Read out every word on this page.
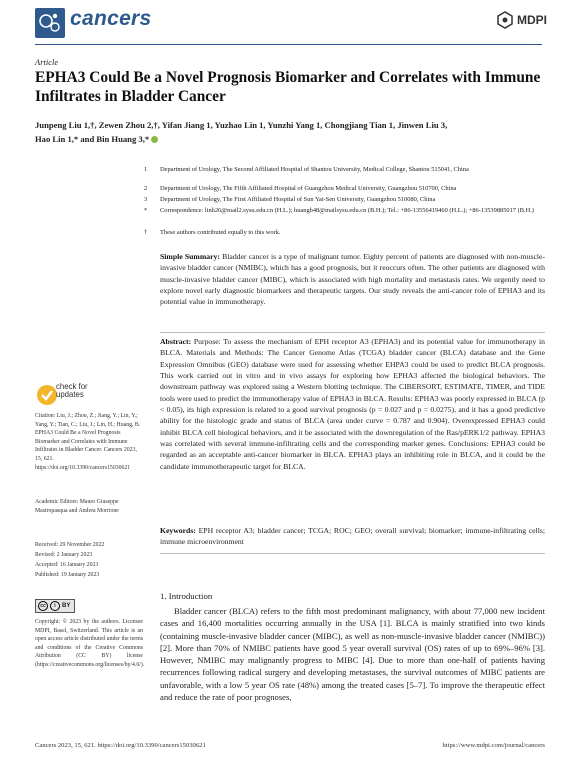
cancers	MDPI
Article
EPHA3 Could Be a Novel Prognosis Biomarker and Correlates with Immune Infiltrates in Bladder Cancer
Junpeng Liu 1,†, Zewen Zhou 2,†, Yifan Jiang 1, Yuzhao Lin 1, Yunzhi Yang 1, Chongjiang Tian 1, Jinwen Liu 3,
Hao Lin 1,* and Bin Huang 3,*
1 Department of Urology, The Second Affiliated Hospital of Shantou University, Medical College, Shantou 515041, China
2 Department of Urology, The Fifth Affiliated Hospital of Guangzhou Medical University, Guangzhou 510700, China
3 Department of Urology, The First Affiliated Hospital of Sun Yat-Sen University, Guangzhou 510080, China
* Correspondence: linh26@mail2.sysu.edu.cn (H.L.); huangb48@mailsysu.edu.cn (B.H.); Tel.: +86-13556419460 (H.L.); +86-13539885017 (B.H.)
† These authors contributed equally to this work.
Simple Summary: Bladder cancer is a type of malignant tumor. Eighty percent of patients are diagnosed with non-muscle-invasive bladder cancer (NMIBC), which has a good prognosis, but it reoccurs often. The other patients are diagnosed with muscle-invasive bladder cancer (MIBC), which is associated with high mortality and metastasis rates. We urgently need to explore novel early diagnostic biomarkers and therapeutic targets. Our study reveals the anti-cancer role of EPHA3 and its potential value in immunotherapy.
Abstract: Purpose: To assess the mechanism of EPH receptor A3 (EPHA3) and its potential value for immunotherapy in BLCA. Materials and Methods: The Cancer Genome Atlas (TCGA) bladder cancer (BLCA) database and the Gene Expression Omnibus (GEO) database were used for assessing whether EHPA3 could be used to predict BLCA prognosis. This work carried out in vitro and in vivo assays for exploring how EPHA3 affected the biological behaviors. The downstream pathway was explored using a Western blotting technique. The CIBERSORT, ESTIMATE, TIMER, and TIDE tools were used to predict the immunotherapy value of EPHA3 in BLCA. Results: EPHA3 was poorly expressed in BLCA (p < 0.05), its high expression is related to a good survival prognosis (p = 0.027 and p = 0.0275), and it has a good predictive ability for the histologic grade and status of BLCA (area under curve = 0.787 and 0.904). Overexpressed EPHA3 could inhibit BLCA cell biological behaviors, and it be associated with the downregulation of the Ras/pERK1/2 pathway. EPHA3 was correlated with several immune-infiltrating cells and the corresponding marker genes. Conclusions: EPHA3 could be regarded as an acceptable anti-cancer biomarker in BLCA. EPHA3 plays an inhibiting role in BLCA, and it could be the candidate immunotherapeutic target for BLCA.
Keywords: EPH receptor A3; bladder cancer; TCGA; ROC; GEO; overall survival; biomarker; immune-infiltrating cells; immune microenvironment
check for updates
Citation: Liu, J.; Zhou, Z.; Jiang, Y.; Lin, Y.; Yang, Y.; Tian, C.; Liu, J.; Lin, H.; Huang, B. EPHA3 Could Be a Novel Prognosis Biomarker and Correlates with Immune Infiltrates in Bladder Cancer. Cancers 2023, 15, 621. https://doi.org/10.3390/cancers15030621
Academic Editors: Mauro Giuseppe Mastropasqua and Andrea Morrione
Received: 29 November 2022
Revised: 2 January 2023
Accepted: 16 January 2023
Published: 19 January 2023
cc	i	BY
Copyright: © 2023 by the authors. Licensee MDPI, Basel, Switzerland. This article is an open access article distributed under the terms and conditions of the Creative Commons Attribution (CC BY) license (https://creativecommons.org/licenses/by/4.0/).
1. Introduction
Bladder cancer (BLCA) refers to the fifth most predominant malignancy, with about 77,000 new incident cases and 16,400 mortalities occurring annually in the USA [1]. BLCA is mainly stratified into two kinds (containing muscle-invasive bladder cancer (MIBC), as well as non-muscle-invasive bladder cancer (NMIBC)) [2]. More than 70% of NMIBC patients have good 5 year overall survival (OS) rates of up to 69%–96% [3]. However, NMIBC may malignantly progress to MIBC [4]. Due to more than one-half of patients having recurrences following radical surgery and developing metastases, the survival outcomes of MIBC patients are unfavorable, with a low 5 year OS rate (48%) among the treated cases [5–7]. To improve the therapeutic effect and reduce the rate of poor prognoses,
Cancers 2023, 15, 621. https://doi.org/10.3390/cancers15030621	https://www.mdpi.com/journal/cancers
